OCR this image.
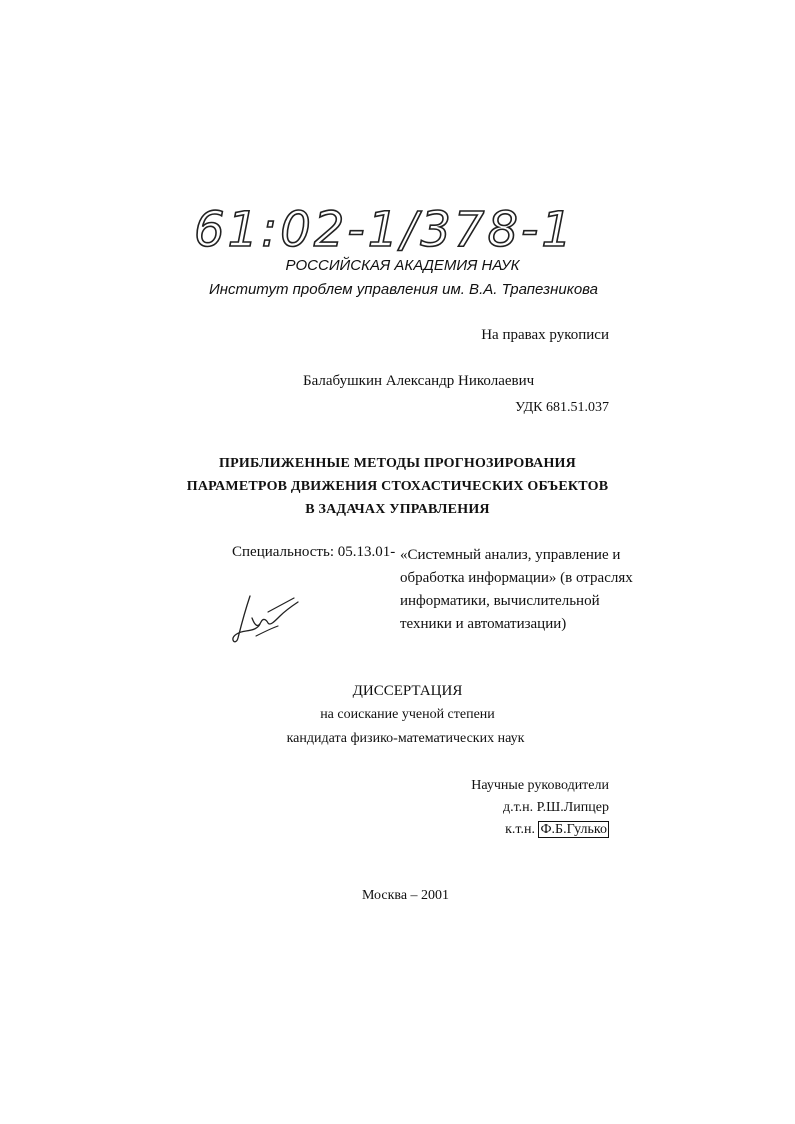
61:02-1/378-1
РОССИЙСКАЯ АКАДЕМИЯ НАУК
Институт проблем управления им. В.А. Трапезникова
На правах рукописи
Балабушкин Александр Николаевич
УДК 681.51.037
ПРИБЛИЖЕННЫЕ МЕТОДЫ ПРОГНОЗИРОВАНИЯ
ПАРАМЕТРОВ ДВИЖЕНИЯ СТОХАСТИЧЕСКИХ ОБЪЕКТОВ
В ЗАДАЧАХ УПРАВЛЕНИЯ
Специальность: 05.13.01- «Системный анализ, управление и
обработка информации» (в отраслях
информатики, вычислительной
техники и автоматизации)
ДИССЕРТАЦИЯ
на соискание ученой степени
кандидата физико-математических наук
Научные руководители
д.т.н. Р.Ш.Липцер
к.т.н. Ф.Б.Гулько
Москва – 2001
